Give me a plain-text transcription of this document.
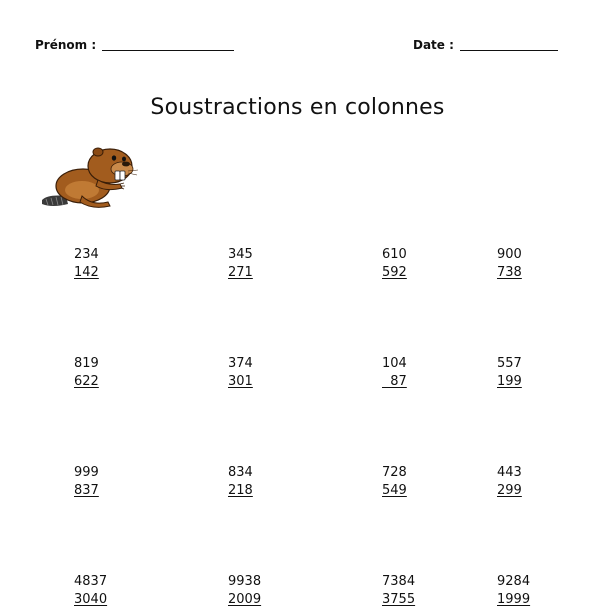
Prénom :	Date :
Soustractions en colonnes
234
142
345
271
610
592
900
738
819
622
374
301
104
87
557
199
999
837
834
218
728
549
443
299
4837
3040
9938
2009
7384
3755
9284
1999
